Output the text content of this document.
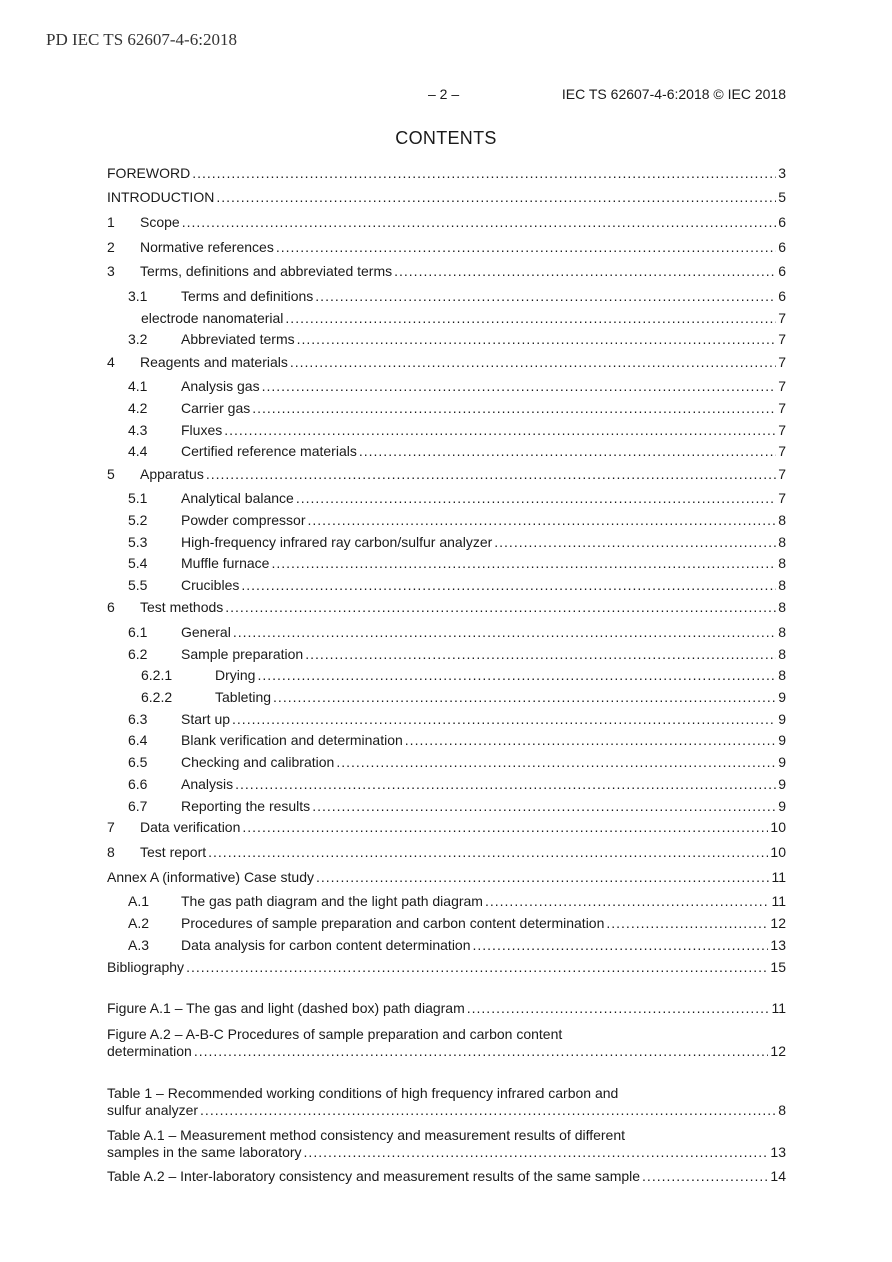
PD IEC TS 62607-4-6:2018
– 2 –	IEC TS 62607-4-6:2018 © IEC 2018
CONTENTS
FOREWORD .....	3
INTRODUCTION .....	5
1 Scope .....	6
2 Normative references .....	6
3 Terms, definitions and abbreviated terms .....	6
3.1 Terms and definitions .....	6
electrode nanomaterial .....	7
3.2 Abbreviated terms .....	7
4 Reagents and materials .....	7
4.1 Analysis gas .....	7
4.2 Carrier gas .....	7
4.3 Fluxes .....	7
4.4 Certified reference materials .....	7
5 Apparatus .....	7
5.1 Analytical balance .....	7
5.2 Powder compressor .....	8
5.3 High-frequency infrared ray carbon/sulfur analyzer .....	8
5.4 Muffle furnace .....	8
5.5 Crucibles .....	8
6 Test methods .....	8
6.1 General .....	8
6.2 Sample preparation .....	8
6.2.1	Drying .....	8
6.2.2	Tableting .....	9
6.3 Start up .....	9
6.4 Blank verification and determination .....	9
6.5 Checking and calibration .....	9
6.6 Analysis .....	9
6.7 Reporting the results .....	9
7 Data verification .....	10
8 Test report .....	10
Annex A (informative) Case study .....	11
A.1 The gas path diagram and the light path diagram .....	11
A.2 Procedures of sample preparation and carbon content determination .....	12
A.3 Data analysis for carbon content determination .....	13
Bibliography .....	15
Figure A.1 – The gas and light (dashed box) path diagram .....	11
Figure A.2 – A-B-C Procedures of sample preparation and carbon content
determination .....	12
Table 1 – Recommended working conditions of high frequency infrared carbon and
sulfur analyzer .....	8
Table A.1 – Measurement method consistency and measurement results of different
samples in the same laboratory .....	13
Table A.2 – Inter-laboratory consistency and measurement results of the same sample .....	14
